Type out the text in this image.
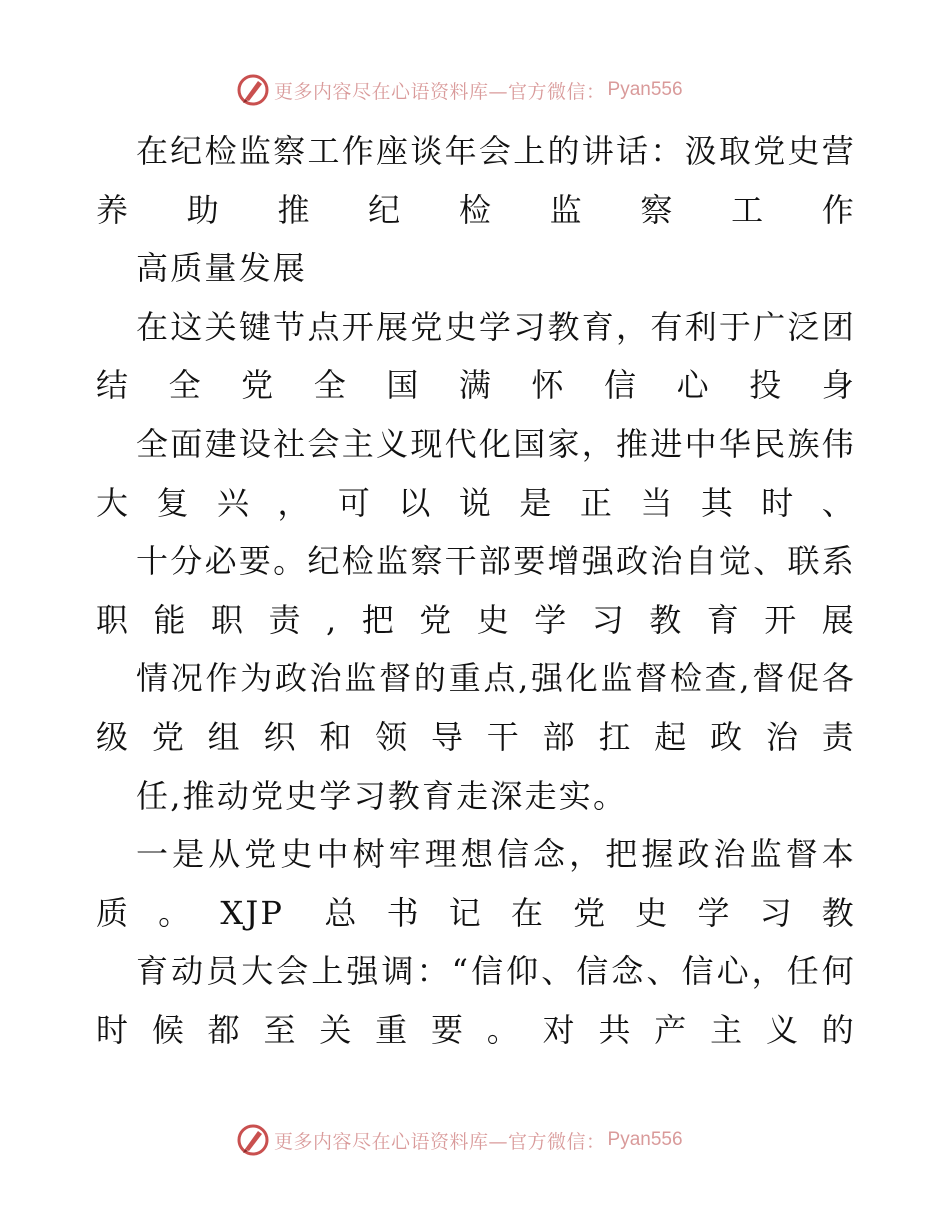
更多内容尽在心语资料库—官方微信： Pyan556

在纪检监察工作座谈年会上的讲话：汲取党史营养助推纪检监察工作

高质量发展

在这关键节点开展党史学习教育，有利于广泛团结全党全国满怀信心投身

全面建设社会主义现代化国家，推进中华民族伟大复兴，可以说是正当其时、

十分必要。纪检监察干部要增强政治自觉、联系职能职责,把党史学习教育开展

情况作为政治监督的重点,强化监督检查,督促各级党组织和领导干部扛起政治责

任,推动党史学习教育走深走实。

一是从党史中树牢理想信念，把握政治监督本质。XJP 总书记在党史学习教

育动员大会上强调：“信仰、信念、信心，任何时候都至关重要。对共产主义的

更多内容尽在心语资料库—官方微信： Pyan556
